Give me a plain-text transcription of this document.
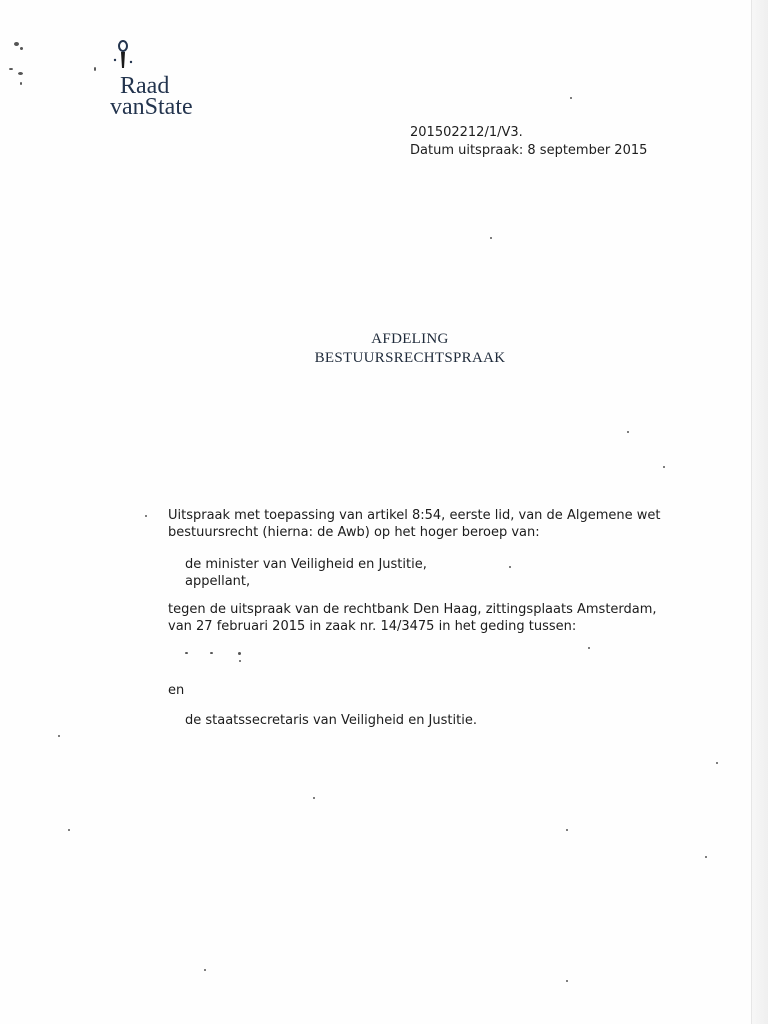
Raad
vanState
201502212/1/V3.
Datum uitspraak: 8 september 2015
AFDELING
BESTUURSRECHTSPRAAK
Uitspraak met toepassing van artikel 8:54, eerste lid, van de Algemene wet
bestuursrecht (hierna: de Awb) op het hoger beroep van:
de minister van Veiligheid en Justitie,
appellant,
tegen de uitspraak van de rechtbank Den Haag, zittingsplaats Amsterdam,
van 27 februari 2015 in zaak nr. 14/3475 in het geding tussen:
en
de staatssecretaris van Veiligheid en Justitie.
